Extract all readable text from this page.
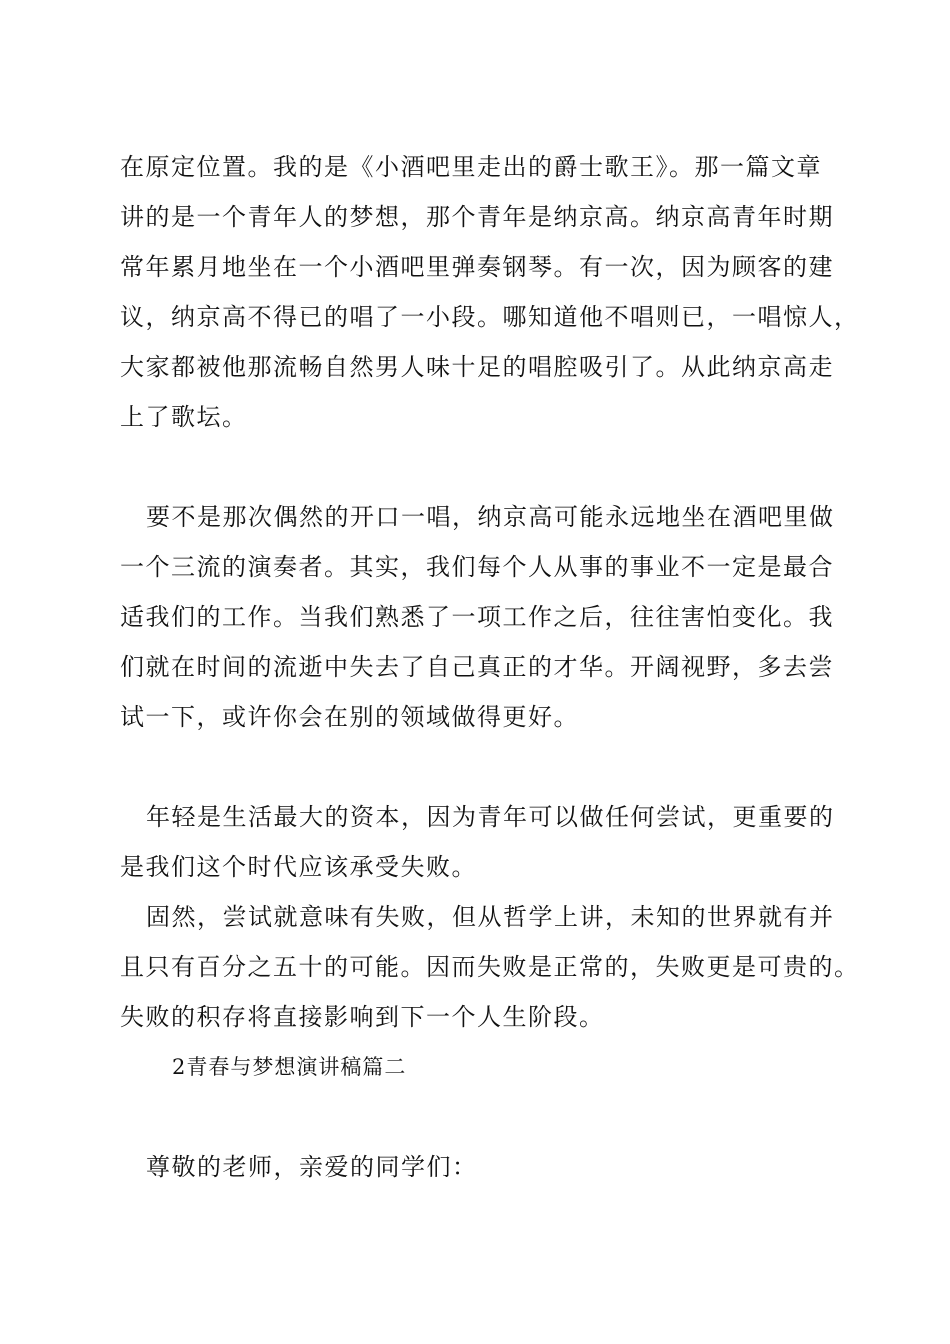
在原定位置。我的是《小酒吧里走出的爵士歌王》。那一篇文章
讲的是一个青年人的梦想，那个青年是纳京高。纳京高青年时期
常年累月地坐在一个小酒吧里弹奏钢琴。有一次，因为顾客的建
议，纳京高不得已的唱了一小段。哪知道他不唱则已，一唱惊人，
大家都被他那流畅自然男人味十足的唱腔吸引了。从此纳京高走
上了歌坛。
要不是那次偶然的开口一唱，纳京高可能永远地坐在酒吧里做
一个三流的演奏者。其实，我们每个人从事的事业不一定是最合
适我们的工作。当我们熟悉了一项工作之后，往往害怕变化。我
们就在时间的流逝中失去了自己真正的才华。开阔视野，多去尝
试一下，或许你会在别的领域做得更好。
年轻是生活最大的资本，因为青年可以做任何尝试，更重要的
是我们这个时代应该承受失败。
固然，尝试就意味有失败，但从哲学上讲，未知的世界就有并
且只有百分之五十的可能。因而失败是正常的，失败更是可贵的。
失败的积存将直接影响到下一个人生阶段。
2青春与梦想演讲稿篇二
尊敬的老师，亲爱的同学们：
